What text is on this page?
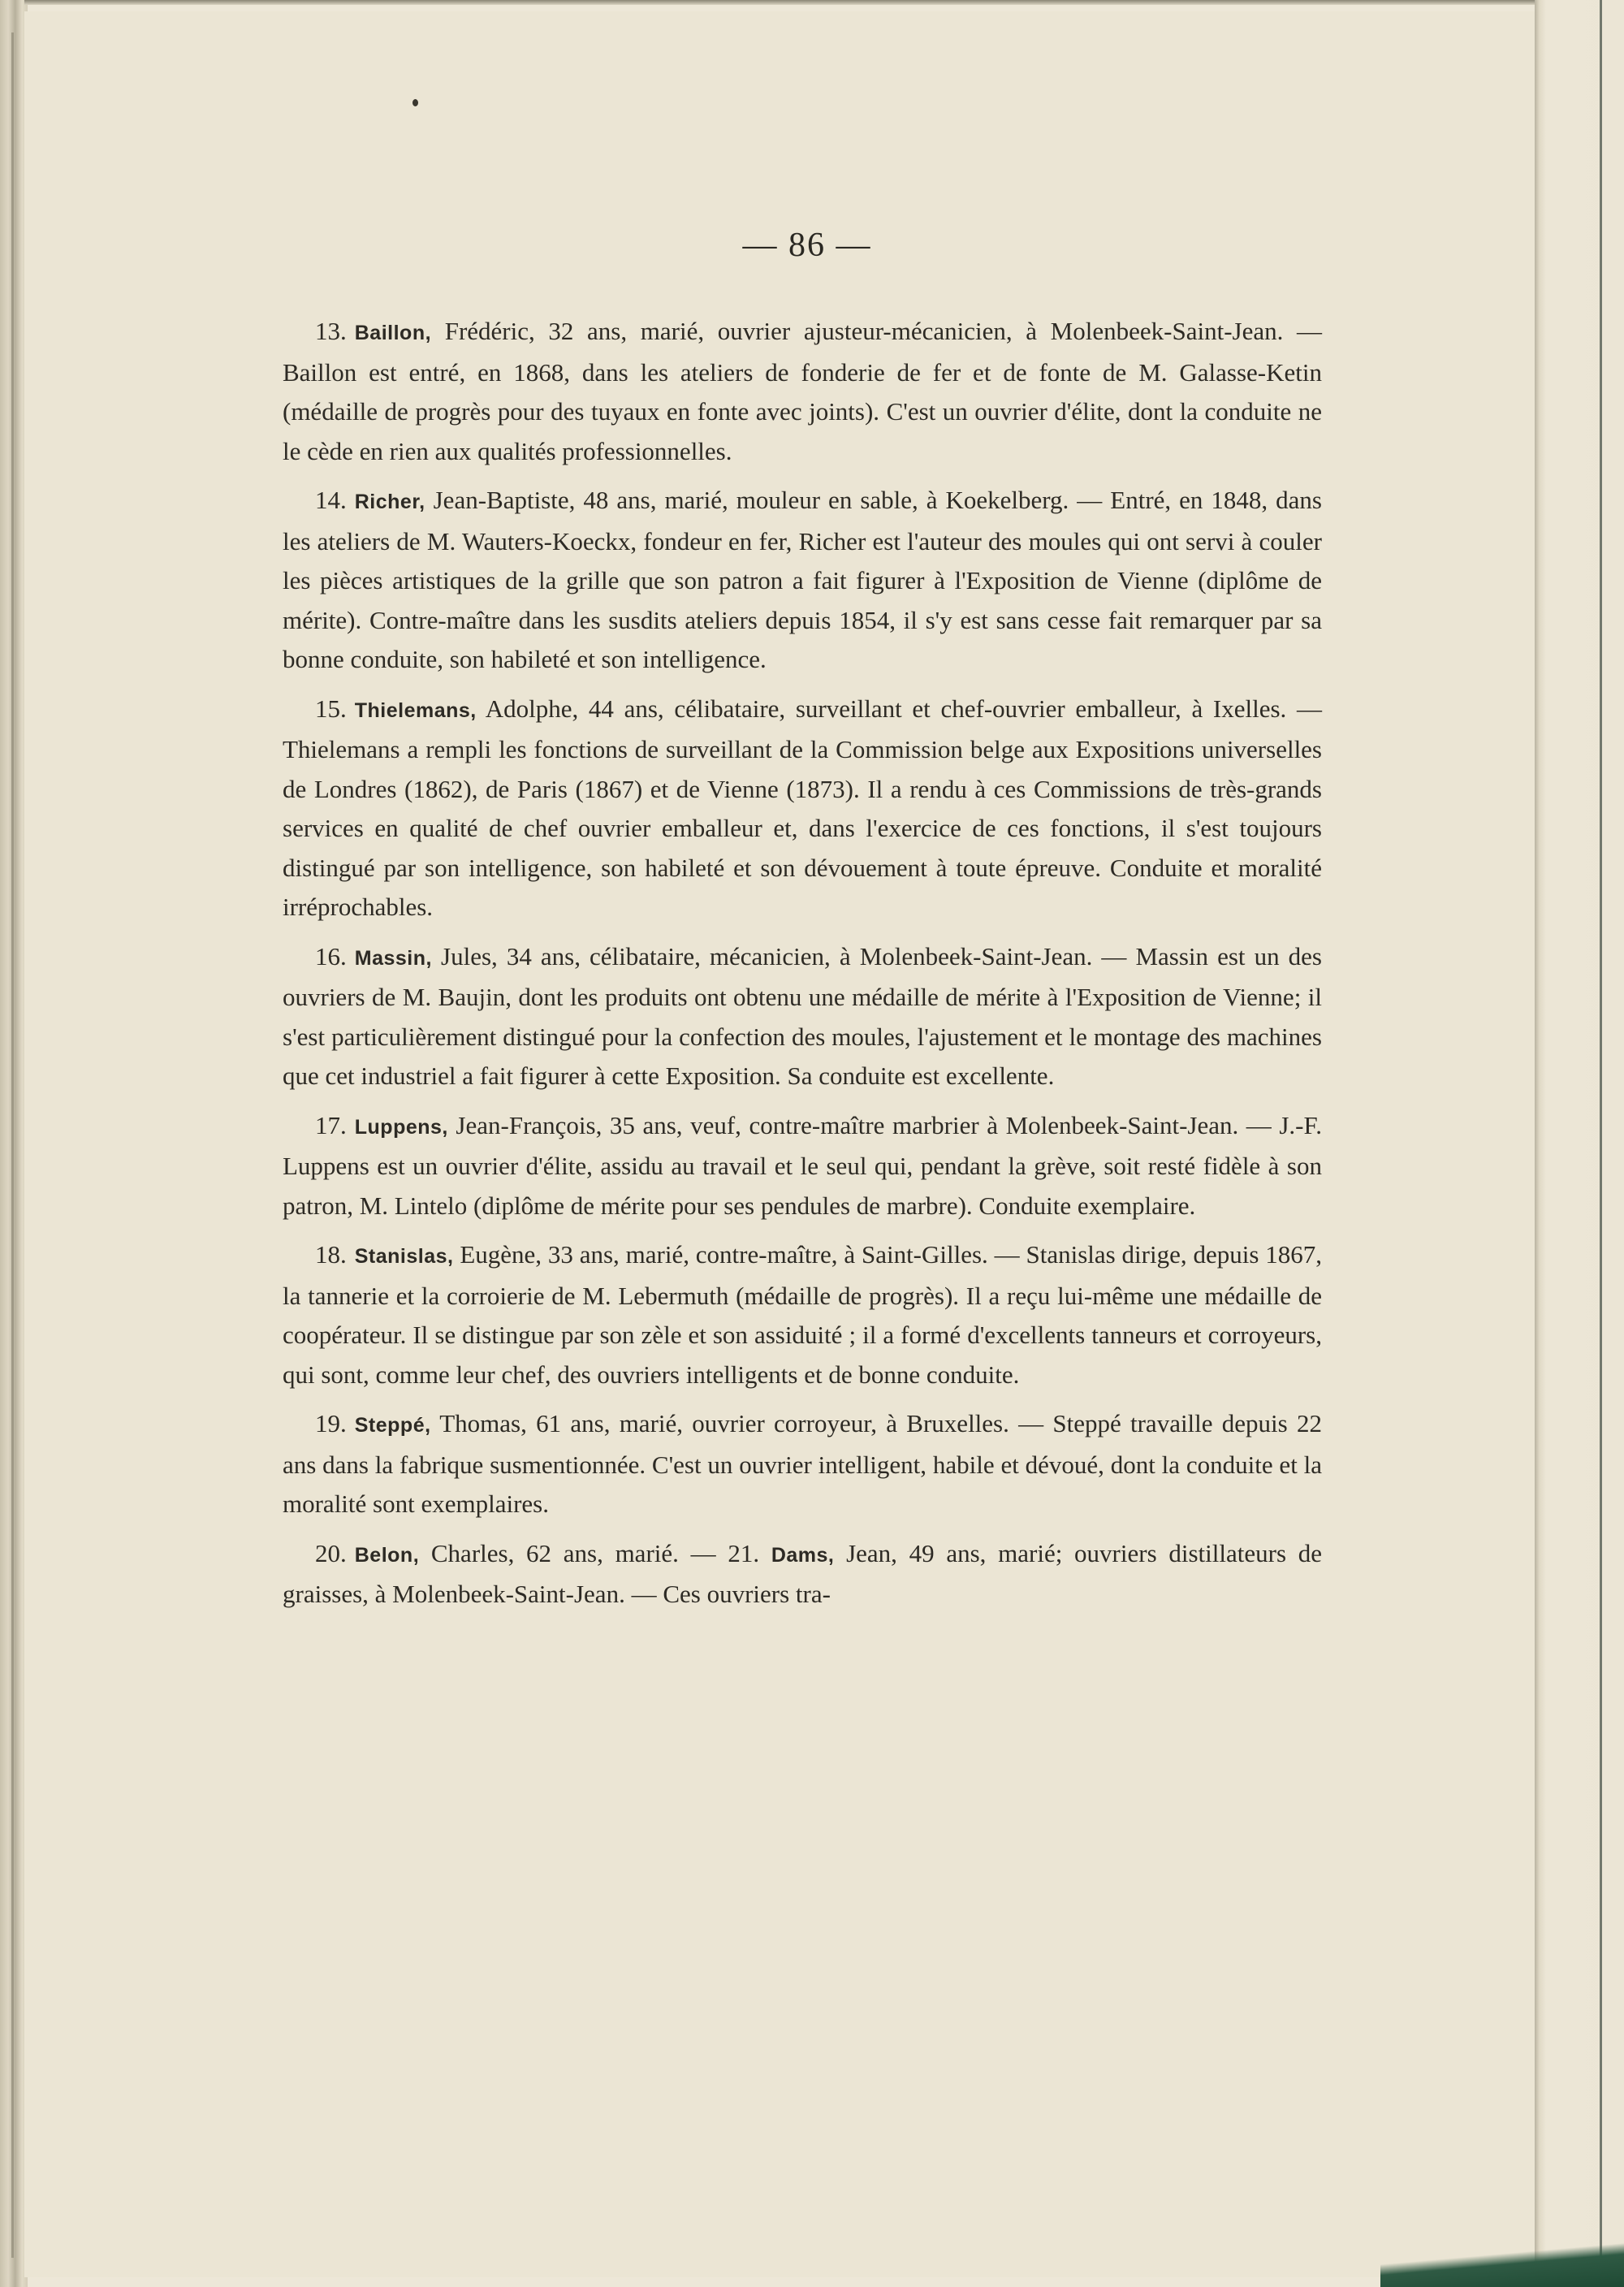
— 86 —

13. Baillon, Frédéric, 32 ans, marié, ouvrier ajusteur-mécanicien, à Molenbeek-Saint-Jean. — Baillon est entré, en 1868, dans les ateliers de fonderie de fer et de fonte de M. Galasse-Ketin (médaille de progrès pour des tuyaux en fonte avec joints). C'est un ouvrier d'élite, dont la conduite ne le cède en rien aux qualités professionnelles.

14. Richer, Jean-Baptiste, 48 ans, marié, mouleur en sable, à Koekelberg. — Entré, en 1848, dans les ateliers de M. Wauters-Koeckx, fondeur en fer, Richer est l'auteur des moules qui ont servi à couler les pièces artistiques de la grille que son patron a fait figurer à l'Exposition de Vienne (diplôme de mérite). Contre-maître dans les susdits ateliers depuis 1854, il s'y est sans cesse fait remarquer par sa bonne conduite, son habileté et son intelligence.

15. Thielemans, Adolphe, 44 ans, célibataire, surveillant et chef-ouvrier emballeur, à Ixelles. — Thielemans a rempli les fonctions de surveillant de la Commission belge aux Expositions universelles de Londres (1862), de Paris (1867) et de Vienne (1873). Il a rendu à ces Commissions de très-grands services en qualité de chef ouvrier emballeur et, dans l'exercice de ces fonctions, il s'est toujours distingué par son intelligence, son habileté et son dévouement à toute épreuve. Conduite et moralité irréprochables.

16. Massin, Jules, 34 ans, célibataire, mécanicien, à Molenbeek-Saint-Jean. — Massin est un des ouvriers de M. Baujin, dont les produits ont obtenu une médaille de mérite à l'Exposition de Vienne; il s'est particulièrement distingué pour la confection des moules, l'ajustement et le montage des machines que cet industriel a fait figurer à cette Exposition. Sa conduite est excellente.

17. Luppens, Jean-François, 35 ans, veuf, contre-maître marbrier à Molenbeek-Saint-Jean. — J.-F. Luppens est un ouvrier d'élite, assidu au travail et le seul qui, pendant la grève, soit resté fidèle à son patron, M. Lintelo (diplôme de mérite pour ses pendules de marbre). Conduite exemplaire.

18. Stanislas, Eugène, 33 ans, marié, contre-maître, à Saint-Gilles. — Stanislas dirige, depuis 1867, la tannerie et la corroierie de M. Lebermuth (médaille de progrès). Il a reçu lui-même une médaille de coopérateur. Il se distingue par son zèle et son assiduité ; il a formé d'excellents tanneurs et corroyeurs, qui sont, comme leur chef, des ouvriers intelligents et de bonne conduite.

19. Steppé, Thomas, 61 ans, marié, ouvrier corroyeur, à Bruxelles. — Steppé travaille depuis 22 ans dans la fabrique susmentionnée. C'est un ouvrier intelligent, habile et dévoué, dont la conduite et la moralité sont exemplaires.

20. Belon, Charles, 62 ans, marié. — 21. Dams, Jean, 49 ans, marié; ouvriers distillateurs de graisses, à Molenbeek-Saint-Jean. — Ces ouvriers tra-
